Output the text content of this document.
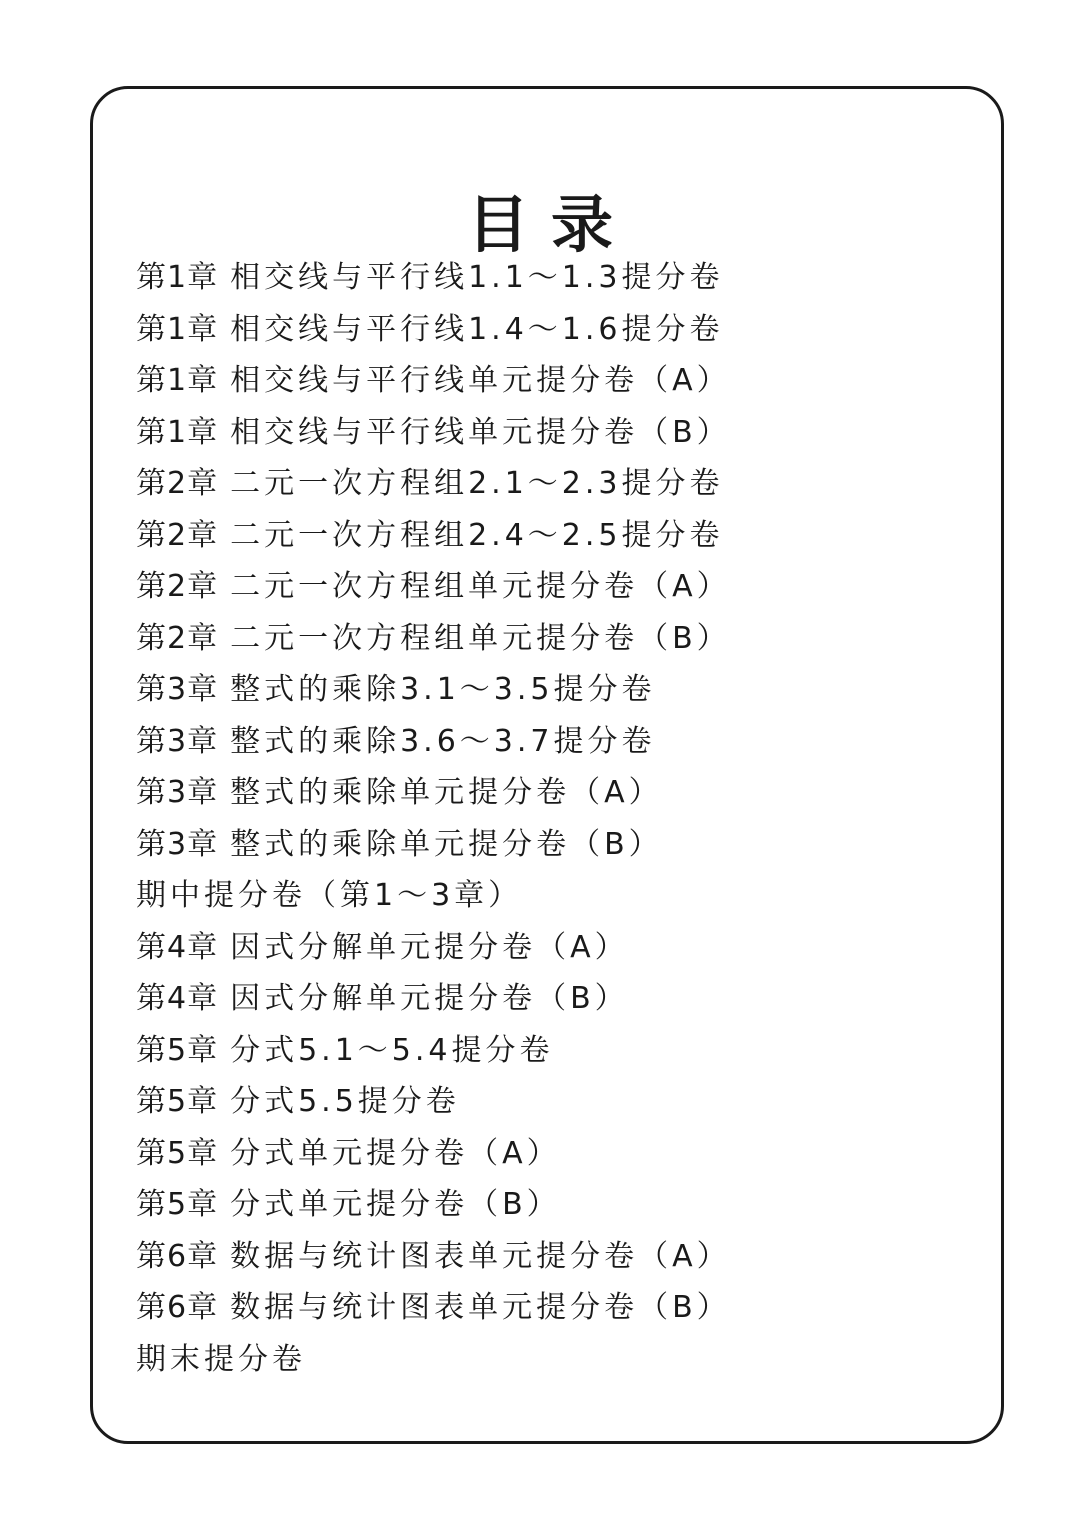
目录
第1章 相交线与平行线1.1～1.3提分卷
第1章 相交线与平行线1.4～1.6提分卷
第1章 相交线与平行线单元提分卷（A）
第1章 相交线与平行线单元提分卷（B）
第2章 二元一次方程组2.1～2.3提分卷
第2章 二元一次方程组2.4～2.5提分卷
第2章 二元一次方程组单元提分卷（A）
第2章 二元一次方程组单元提分卷（B）
第3章 整式的乘除3.1～3.5提分卷
第3章 整式的乘除3.6～3.7提分卷
第3章 整式的乘除单元提分卷（A）
第3章 整式的乘除单元提分卷（B）
期中提分卷（第1～3章）
第4章 因式分解单元提分卷（A）
第4章 因式分解单元提分卷（B）
第5章 分式5.1～5.4提分卷
第5章 分式5.5提分卷
第5章 分式单元提分卷（A）
第5章 分式单元提分卷（B）
第6章 数据与统计图表单元提分卷（A）
第6章 数据与统计图表单元提分卷（B）
期末提分卷
